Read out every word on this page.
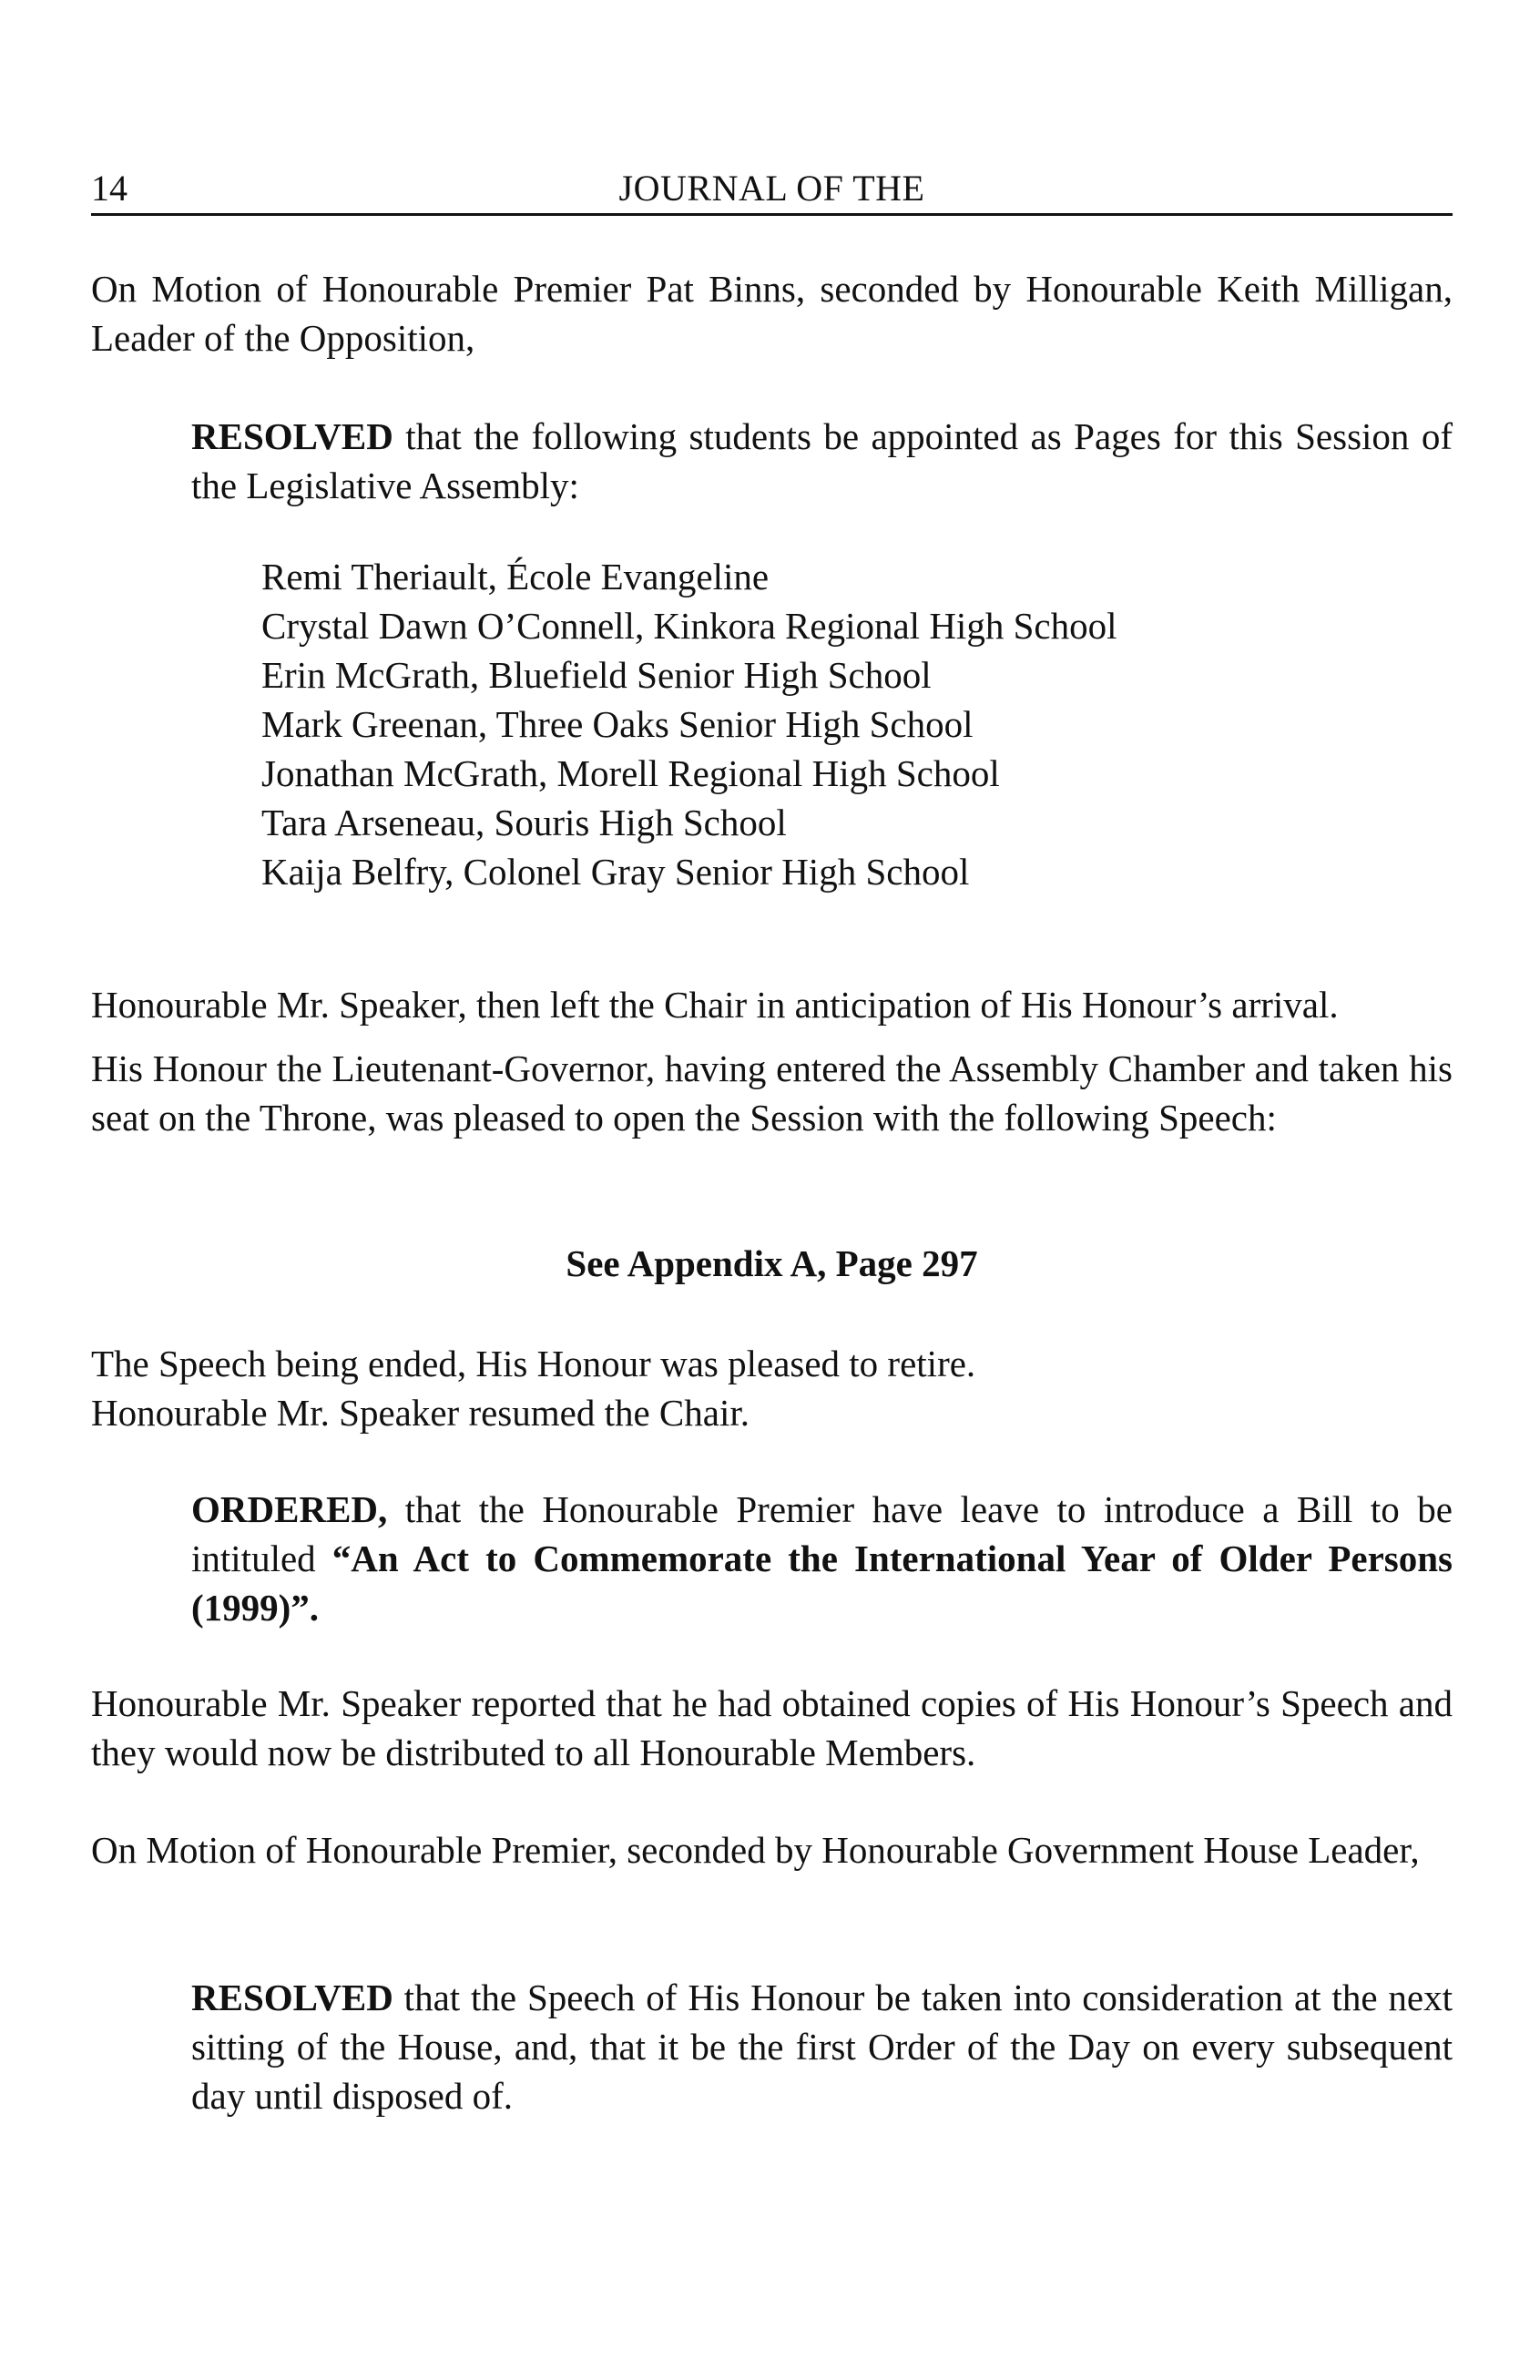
14	JOURNAL OF THE

On Motion of Honourable Premier Pat Binns, seconded by Honourable Keith Milligan, Leader of the Opposition,

RESOLVED that the following students be appointed as Pages for this Session of the Legislative Assembly:

Remi Theriault, École Evangeline
Crystal Dawn O’Connell, Kinkora Regional High School
Erin McGrath, Bluefield Senior High School
Mark Greenan, Three Oaks Senior High School
Jonathan McGrath, Morell Regional High School
Tara Arseneau, Souris High School
Kaija Belfry, Colonel Gray Senior High School

Honourable Mr. Speaker, then left the Chair in anticipation of His Honour’s arrival.

His Honour the Lieutenant-Governor, having entered the Assembly Chamber and taken his seat on the Throne, was pleased to open the Session with the following Speech:

See Appendix A, Page 297

The Speech being ended, His Honour was pleased to retire.

Honourable Mr. Speaker resumed the Chair.

ORDERED, that the Honourable Premier have leave to introduce a Bill to be intituled “An Act to Commemorate the International Year of Older Persons (1999)”.

Honourable Mr. Speaker reported that he had obtained copies of His Honour’s Speech and they would now be distributed to all Honourable Members.

On Motion of Honourable Premier, seconded by Honourable Government House Leader,

RESOLVED that the Speech of His Honour be taken into consideration at the next sitting of the House, and, that it be the first Order of the Day on every subsequent day until disposed of.
